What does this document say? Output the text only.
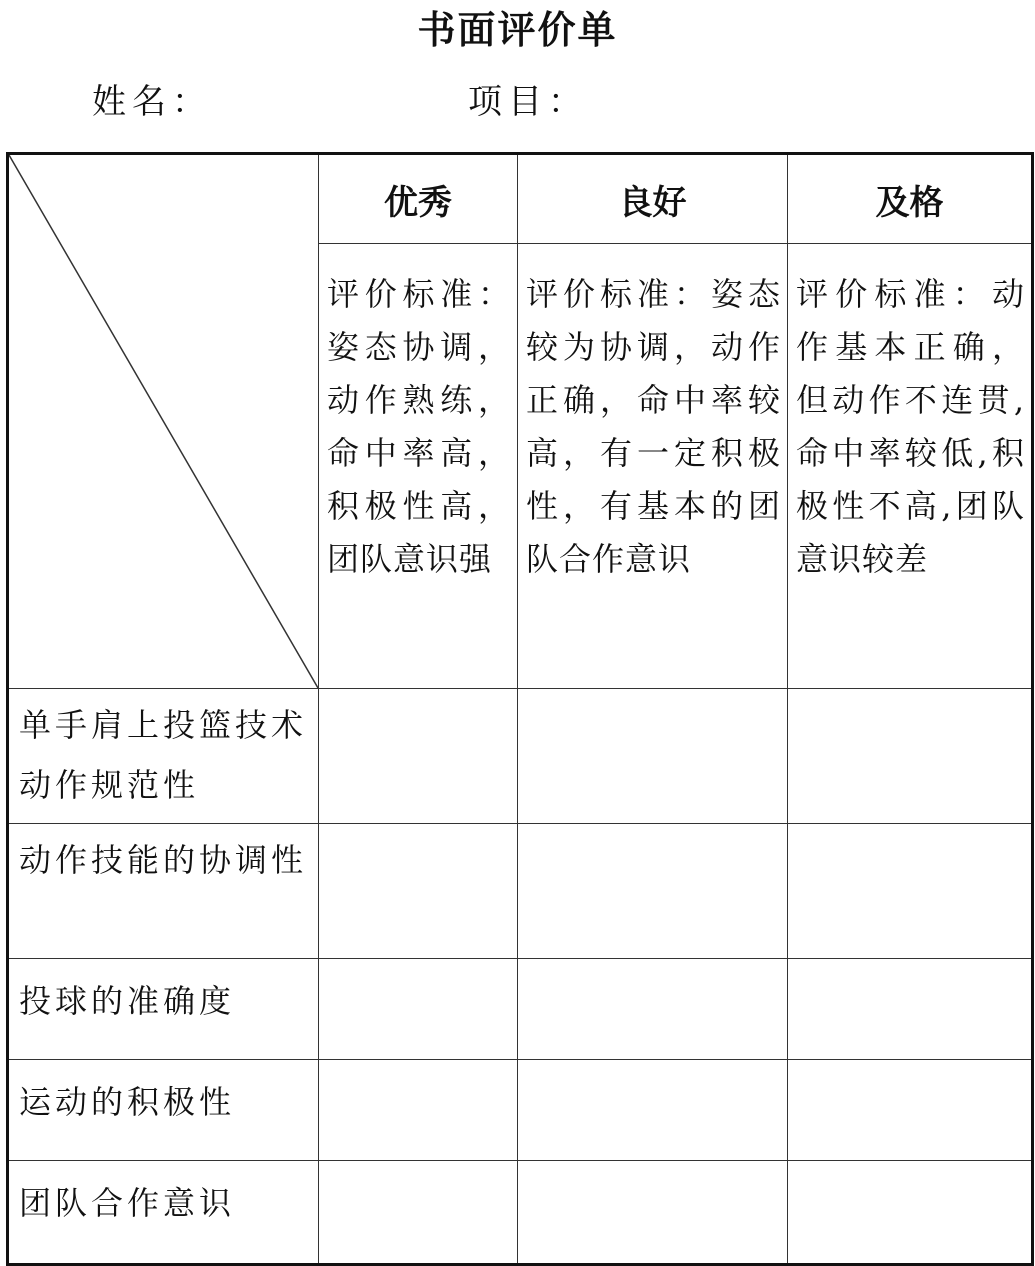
书面评价单
姓名：	项目：
	优秀	良好	及格
	评价标准：姿态协调，动作熟练，命中率高，积极性高，团队意识强	评价标准：姿态较为协调，动作正确，命中率较高，有一定积极性，有基本的团队合作意识	评价标准：动作基本正确，但动作不连贯,命中率较低,积极性不高,团队意识较差
单手肩上投篮技术动作规范性			
动作技能的协调性			
投球的准确度			
运动的积极性			
团队合作意识			
